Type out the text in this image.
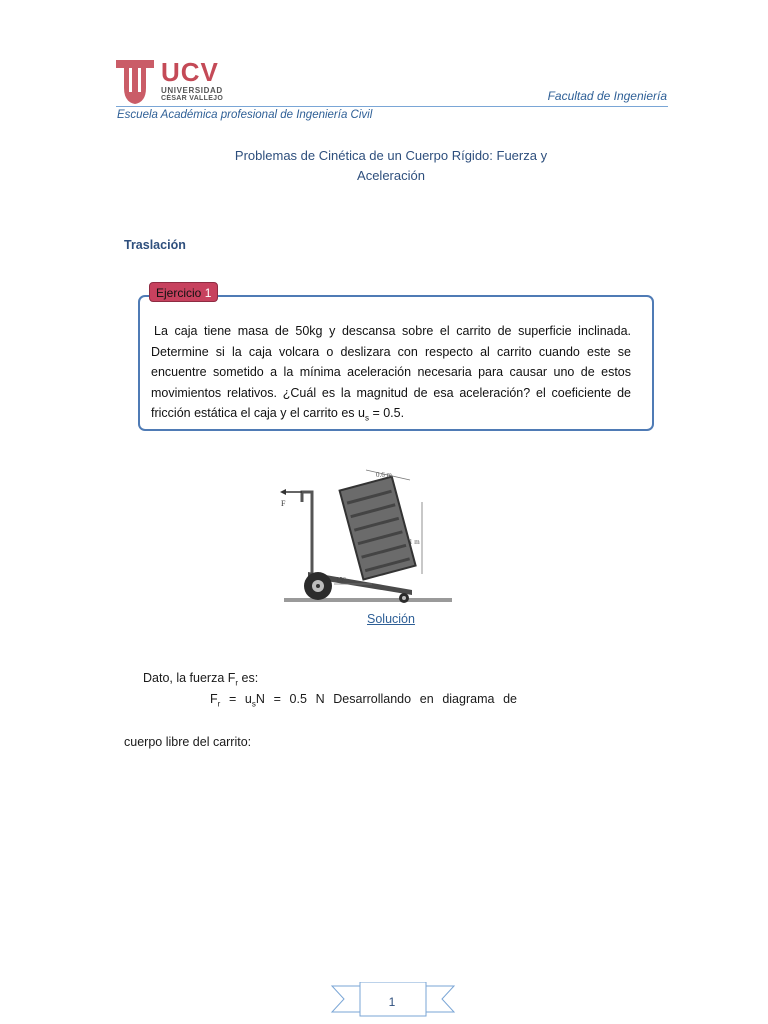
UCV
UNIVERSIDAD
CÉSAR VALLEJO	Facultad de Ingeniería
Escuela Académica profesional de Ingeniería Civil
Problemas de Cinética de un Cuerpo Rígido: Fuerza y
Aceleración
Traslación
Ejercicio 1
La caja tiene masa de 50kg y descansa sobre el carrito de superficie inclinada. Determine si la caja volcara o deslizara con respecto al carrito cuando este se encuentre sometido a la mínima aceleración necesaria para causar uno de estos movimientos relativos. ¿Cuál es la magnitud de esa aceleración? el coeficiente de fricción estática el caja y el carrito es $u_s = 0.5$.
F
0.6 m
1 m
15°
Solución
Dato, la fuerza $F_r$ es:
$F_r = u_sN = 0.5$ N Desarrollando en diagrama de
cuerpo libre del carrito:
1
